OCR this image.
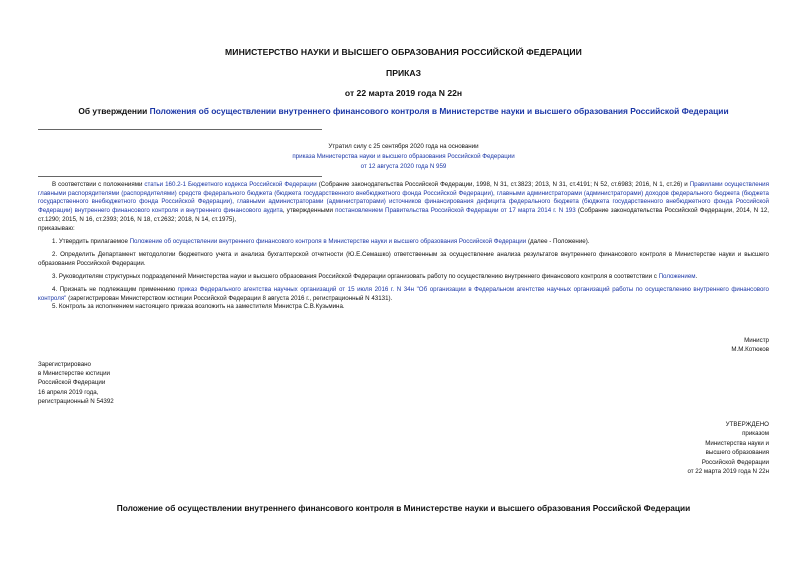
МИНИСТЕРСТВО НАУКИ И ВЫСШЕГО ОБРАЗОВАНИЯ РОССИЙСКОЙ ФЕДЕРАЦИИ
ПРИКАЗ
от 22 марта 2019 года N 22н
Об утверждении Положения об осуществлении внутреннего финансового контроля в Министерстве науки и высшего образования Российской Федерации
Утратил силу с 25 сентября 2020 года на основании
приказа Министерства науки и высшего образования Российской Федерации
от 12 августа 2020 года N 959

В соответствии с положениями статьи 160.2-1 Бюджетного кодекса Российской Федерации (Собрание законодательства Российской Федерации, 1998, N 31, ст.3823; 2013, N 31, ст.4191; N 52, ст.6983; 2016, N 1, ст.26) и Правилами осуществления главными распорядителями (распорядителями) средств федерального бюджета (бюджета государственного внебюджетного фонда Российской Федерации), главными администраторами (администраторами) доходов федерального бюджета (бюджета государственного внебюджетного фонда Российской Федерации), главными администраторами (администраторами) источников финансирования дефицита федерального бюджета (бюджета государственного внебюджетного фонда Российской Федерации) внутреннего финансового контроля и внутреннего финансового аудита, утвержденными постановлением Правительства Российской Федерации от 17 марта 2014 г. N 193 (Собрание законодательства Российской Федерации, 2014, N 12, ст.1290; 2015, N 16, ст.2393; 2016, N 18, ст.2632; 2018, N 14, ст.1975),

приказываю:

1. Утвердить прилагаемое Положение об осуществлении внутреннего финансового контроля в Министерстве науки и высшего образования Российской Федерации (далее - Положение).

2. Определить Департамент методологии бюджетного учета и анализа бухгалтерской отчетности (Ю.Е.Семашко) ответственным за осуществление анализа результатов внутреннего финансового контроля в Министерстве науки и высшего образования Российской Федерации.

3. Руководителям структурных подразделений Министерства науки и высшего образования Российской Федерации организовать работу по осуществлению внутреннего финансового контроля в соответствии с Положением.

4. Признать не подлежащим применению приказ Федерального агентства научных организаций от 15 июля 2016 г. N 34н "Об организации в Федеральном агентстве научных организаций работы по осуществлению внутреннего финансового контроля" (зарегистрирован Министерством юстиции Российской Федерации 8 августа 2016 г., регистрационный N 43131).

5. Контроль за исполнением настоящего приказа возложить на заместителя Министра С.В.Кузьмина.

Министр
М.М.Котюков
Зарегистрировано
в Министерстве юстиции
Российской Федерации
16 апреля 2019 года,
регистрационный N 54392
УТВЕРЖДЕНО
приказом
Министерства науки и
высшего образования
Российской Федерации
от 22 марта 2019 года N 22н
Положение об осуществлении внутреннего финансового контроля в Министерстве науки и высшего образования Российской Федерации
